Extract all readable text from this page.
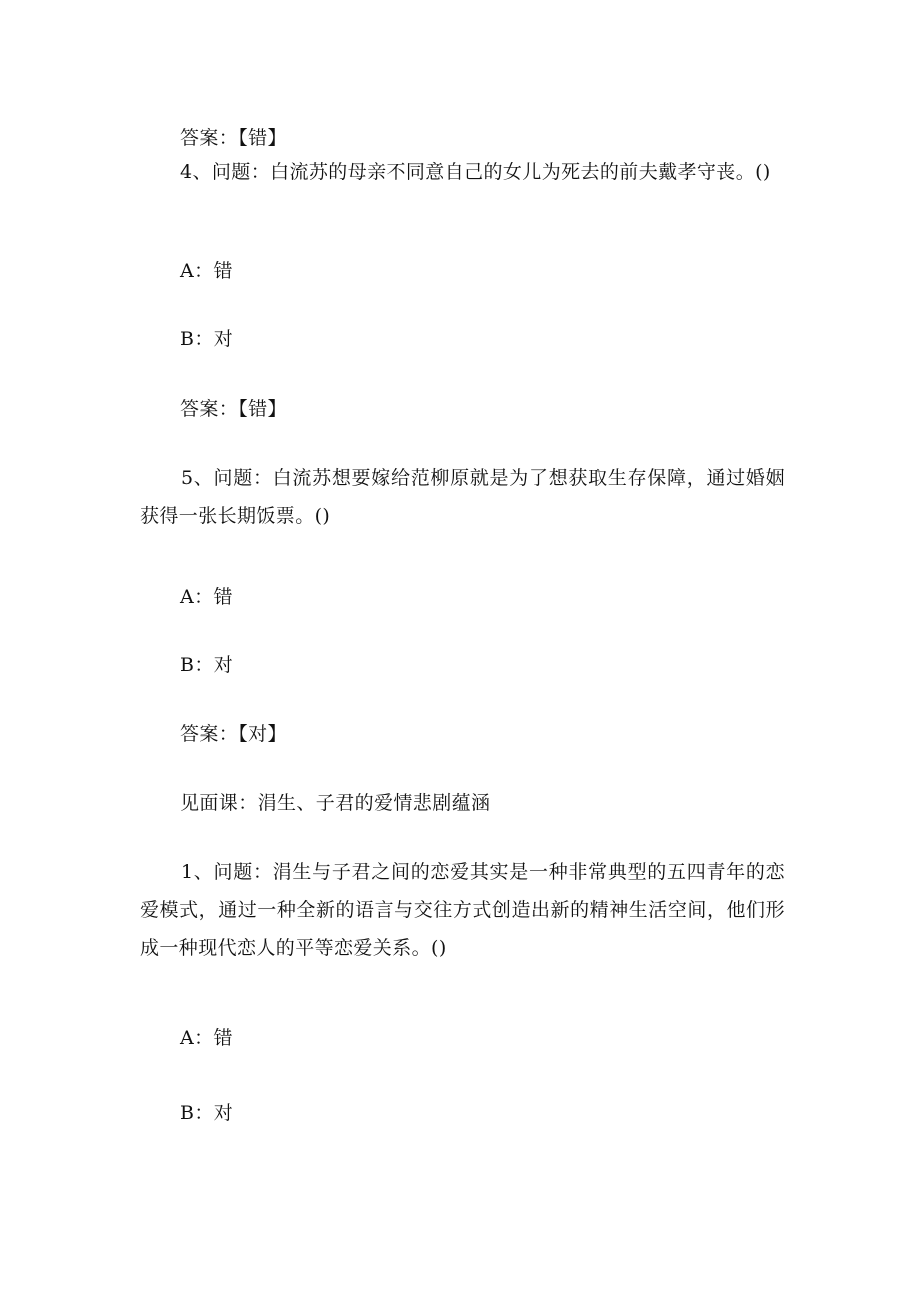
答案：【错】
4、问题：白流苏的母亲不同意自己的女儿为死去的前夫戴孝守丧。()
A：错
B：对
答案：【错】
5、问题：白流苏想要嫁给范柳原就是为了想获取生存保障，通过婚姻获得一张长期饭票。()
A：错
B：对
答案：【对】
见面课：涓生、子君的爱情悲剧蕴涵
1、问题：涓生与子君之间的恋爱其实是一种非常典型的五四青年的恋爱模式，通过一种全新的语言与交往方式创造出新的精神生活空间，他们形成一种现代恋人的平等恋爱关系。()
A：错
B：对
